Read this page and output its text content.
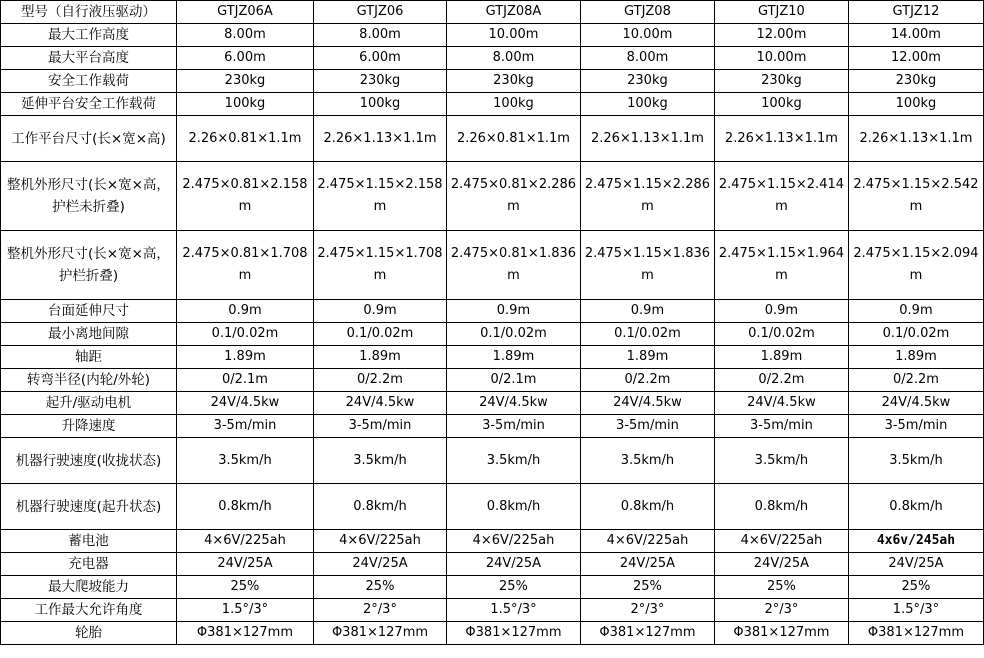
型号（自行液压驱动）	GTJZ06A	GTJZ06	GTJZ08A	GTJZ08	GTJZ10	GTJZ12
最大工作高度	8.00m	8.00m	10.00m	10.00m	12.00m	14.00m
最大平台高度	6.00m	6.00m	8.00m	8.00m	10.00m	12.00m
安全工作载荷	230kg	230kg	230kg	230kg	230kg	230kg
延伸平台安全工作载荷	100kg	100kg	100kg	100kg	100kg	100kg
工作平台尺寸(长×宽×高)	2.26×0.81×1.1m	2.26×1.13×1.1m	2.26×0.81×1.1m	2.26×1.13×1.1m	2.26×1.13×1.1m	2.26×1.13×1.1m
整机外形尺寸(长×宽×高，护栏未折叠)	2.475×0.81×2.158m	2.475×1.15×2.158m	2.475×0.81×2.286m	2.475×1.15×2.286m	2.475×1.15×2.414m	2.475×1.15×2.542m
整机外形尺寸(长×宽×高，护栏折叠)	2.475×0.81×1.708m	2.475×1.15×1.708m	2.475×0.81×1.836m	2.475×1.15×1.836m	2.475×1.15×1.964m	2.475×1.15×2.094m
台面延伸尺寸	0.9m	0.9m	0.9m	0.9m	0.9m	0.9m
最小离地间隙	0.1/0.02m	0.1/0.02m	0.1/0.02m	0.1/0.02m	0.1/0.02m	0.1/0.02m
轴距	1.89m	1.89m	1.89m	1.89m	1.89m	1.89m
转弯半径(内轮/外轮)	0/2.1m	0/2.2m	0/2.1m	0/2.2m	0/2.2m	0/2.2m
起升/驱动电机	24V/4.5kw	24V/4.5kw	24V/4.5kw	24V/4.5kw	24V/4.5kw	24V/4.5kw
升降速度	3-5m/min	3-5m/min	3-5m/min	3-5m/min	3-5m/min	3-5m/min
机器行驶速度(收拢状态)	3.5km/h	3.5km/h	3.5km/h	3.5km/h	3.5km/h	3.5km/h
机器行驶速度(起升状态)	0.8km/h	0.8km/h	0.8km/h	0.8km/h	0.8km/h	0.8km/h
蓄电池	4×6V/225ah	4×6V/225ah	4×6V/225ah	4×6V/225ah	4×6V/225ah	4x6v/245ah
充电器	24V/25A	24V/25A	24V/25A	24V/25A	24V/25A	24V/25A
最大爬坡能力	25%	25%	25%	25%	25%	25%
工作最大允许角度	1.5°/3°	2°/3°	1.5°/3°	2°/3°	2°/3°	1.5°/3°
轮胎	Φ381×127mm	Φ381×127mm	Φ381×127mm	Φ381×127mm	Φ381×127mm	Φ381×127mm
